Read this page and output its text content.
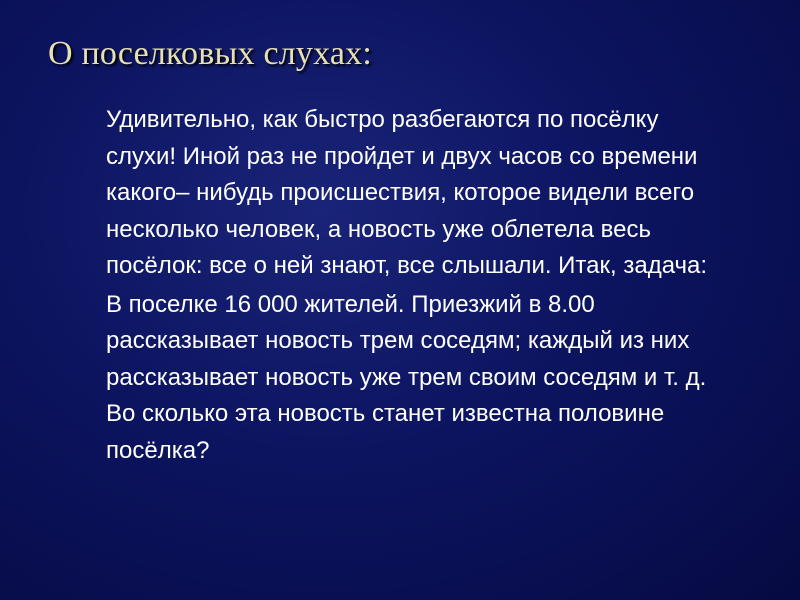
О поселковых слухах:

Удивительно, как быстро разбегаются по посёлку
слухи! Иной раз не пройдет и двух часов со времени
какого– нибудь происшествия, которое видели всего
несколько человек, а новость уже облетела весь
посёлок: все о ней знают, все слышали. Итак, задача:

В поселке 16 000 жителей. Приезжий в 8.00
рассказывает новость трем соседям; каждый из них
рассказывает новость уже трем своим соседям и т. д.
Во сколько эта новость станет известна половине
посёлка?
